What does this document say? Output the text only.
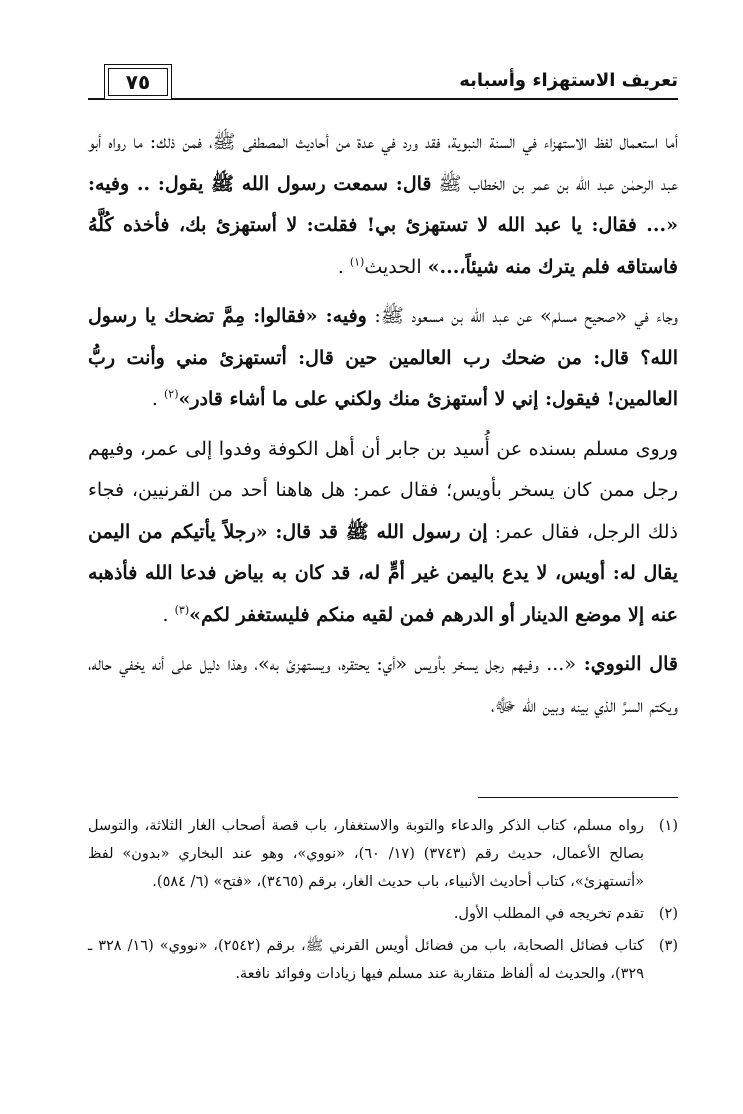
تعريف الاستهزاء وأسبابه
٧٥

أما استعمال لفظ الاستهزاء في السنة النبوية، فقد ورد في عدة من أحاديث المصطفى ﷺ، فمن ذلك: ما رواه أبو عبد الرحمٰن عبد الله بن عمر بن الخطاب ﷺ قال: سمعت رسول الله ﷺ يقول: .. وفيه: «... فقال: يا عبد الله لا تستهزئ بي! فقلت: لا أستهزئ بك، فأخذه كُلَّهُ فاستاقه فلم يترك منه شيئاً،...» الحديث$^{(١)}$ .

وجاء في «صحيح مسلم» عن عبد الله بن مسعود ﷺ: وفيه: «فقالوا: مِمَّ تضحك يا رسول الله؟ قال: من ضحك رب العالمين حين قال: أتستهزئ مني وأنت ربُّ العالمين! فيقول: إني لا أستهزئ منك ولكني على ما أشاء قادر»$^{(٢)}$ .

وروى مسلم بسنده عن أُسيد بن جابر أن أهل الكوفة وفدوا إلى عمر، وفيهم رجل ممن كان يسخر بأويس؛ فقال عمر: هل هاهنا أحد من القرنيين، فجاء ذلك الرجل، فقال عمر: إن رسول الله ﷺ قد قال: «رجلاً يأتيكم من اليمن يقال له: أويس، لا يدع باليمن غير أمٍّ له، قد كان به بياض فدعا الله فأذهبه عنه إلا موضع الدينار أو الدرهم فمن لقيه منكم فليستغفر لكم»$^{(٣)}$ .

قال النووي: «... وفيهم رجل يسخر بأويس «أي: يحتقره، ويستهزئ به»، وهذا دليل على أنه يخفي حاله، ويكتم السرَّ الذي بينه وبين الله ﷻ،

(١)
رواه مسلم، كتاب الذكر والدعاء والتوبة والاستغفار، باب قصة أصحاب الغار الثلاثة، والتوسل بصالح الأعمال، حديث رقم (٣٧٤٣) (١٧/ ٦٠)، «نووي»، وهو عند البخاري «بدون» لفظ «أتستهزئ»، كتاب أحاديث الأنبياء، باب حديث الغار، برقم (٣٤٦٥)، «فتح» (٦/ ٥٨٤).
(٢)
تقدم تخريجه في المطلب الأول.
(٣)
كتاب فضائل الصحابة، باب من فضائل أويس القرني ﷺ، برقم (٢٥٤٢)، «نووي» (١٦/ ٣٢٨ ـ ٣٢٩)، والحديث له ألفاظ متقاربة عند مسلم فيها زيادات وفوائد نافعة.
